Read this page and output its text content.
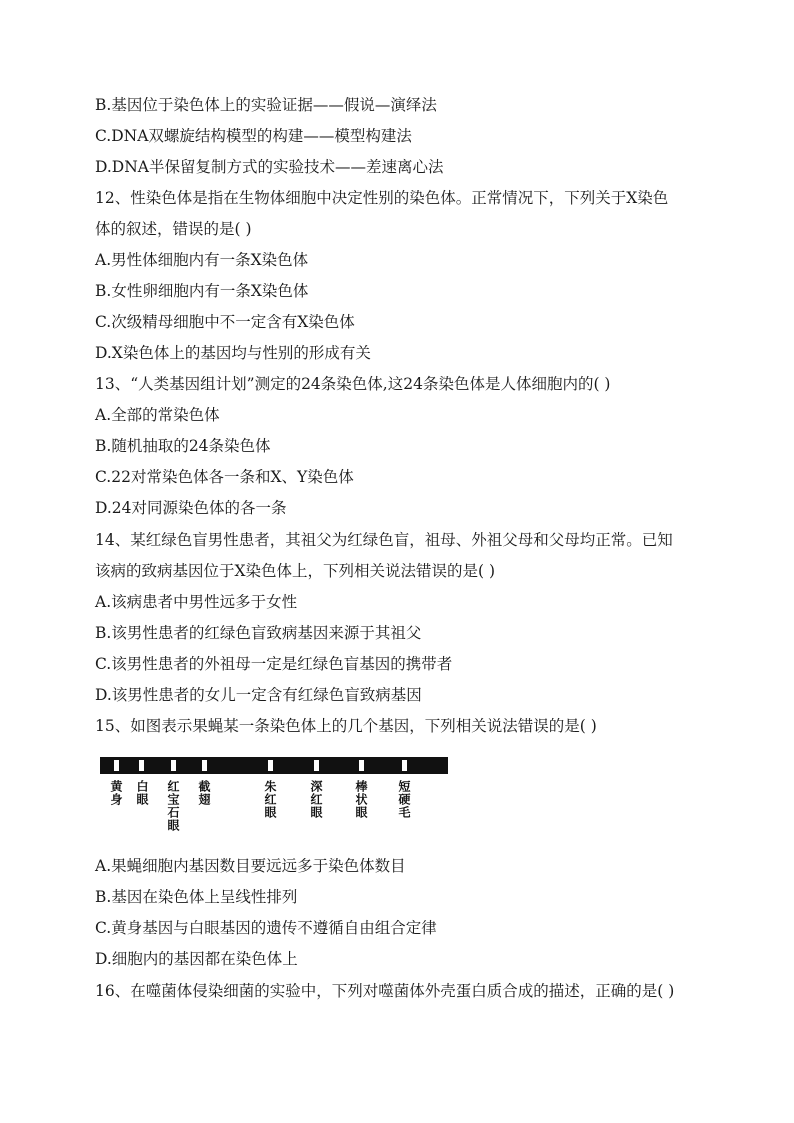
B.基因位于染色体上的实验证据——假说—演绎法
C.DNA双螺旋结构模型的构建——模型构建法
D.DNA半保留复制方式的实验技术——差速离心法
12、性染色体是指在生物体细胞中决定性别的染色体。正常情况下，下列关于X染色
体的叙述，错误的是( )
A.男性体细胞内有一条X染色体
B.女性卵细胞内有一条X染色体
C.次级精母细胞中不一定含有X染色体
D.X染色体上的基因均与性别的形成有关
13、“人类基因组计划”测定的24条染色体,这24条染色体是人体细胞内的( )
A.全部的常染色体
B.随机抽取的24条染色体
C.22对常染色体各一条和X、Y染色体
D.24对同源染色体的各一条
14、某红绿色盲男性患者，其祖父为红绿色盲，祖母、外祖父母和父母均正常。已知
该病的致病基因位于X染色体上，下列相关说法错误的是( )
A.该病患者中男性远多于女性
B.该男性患者的红绿色盲致病基因来源于其祖父
C.该男性患者的外祖母一定是红绿色盲基因的携带者
D.该男性患者的女儿一定含有红绿色盲致病基因
15、如图表示果蝇某一条染色体上的几个基因，下列相关说法错误的是( )
黄身 白眼 红宝石眼 截翅	朱红眼	深红眼	棒状眼 短硬毛
A.果蝇细胞内基因数目要远远多于染色体数目
B.基因在染色体上呈线性排列
C.黄身基因与白眼基因的遗传不遵循自由组合定律
D.细胞内的基因都在染色体上
16、在噬菌体侵染细菌的实验中，下列对噬菌体外壳蛋白质合成的描述，正确的是( )
